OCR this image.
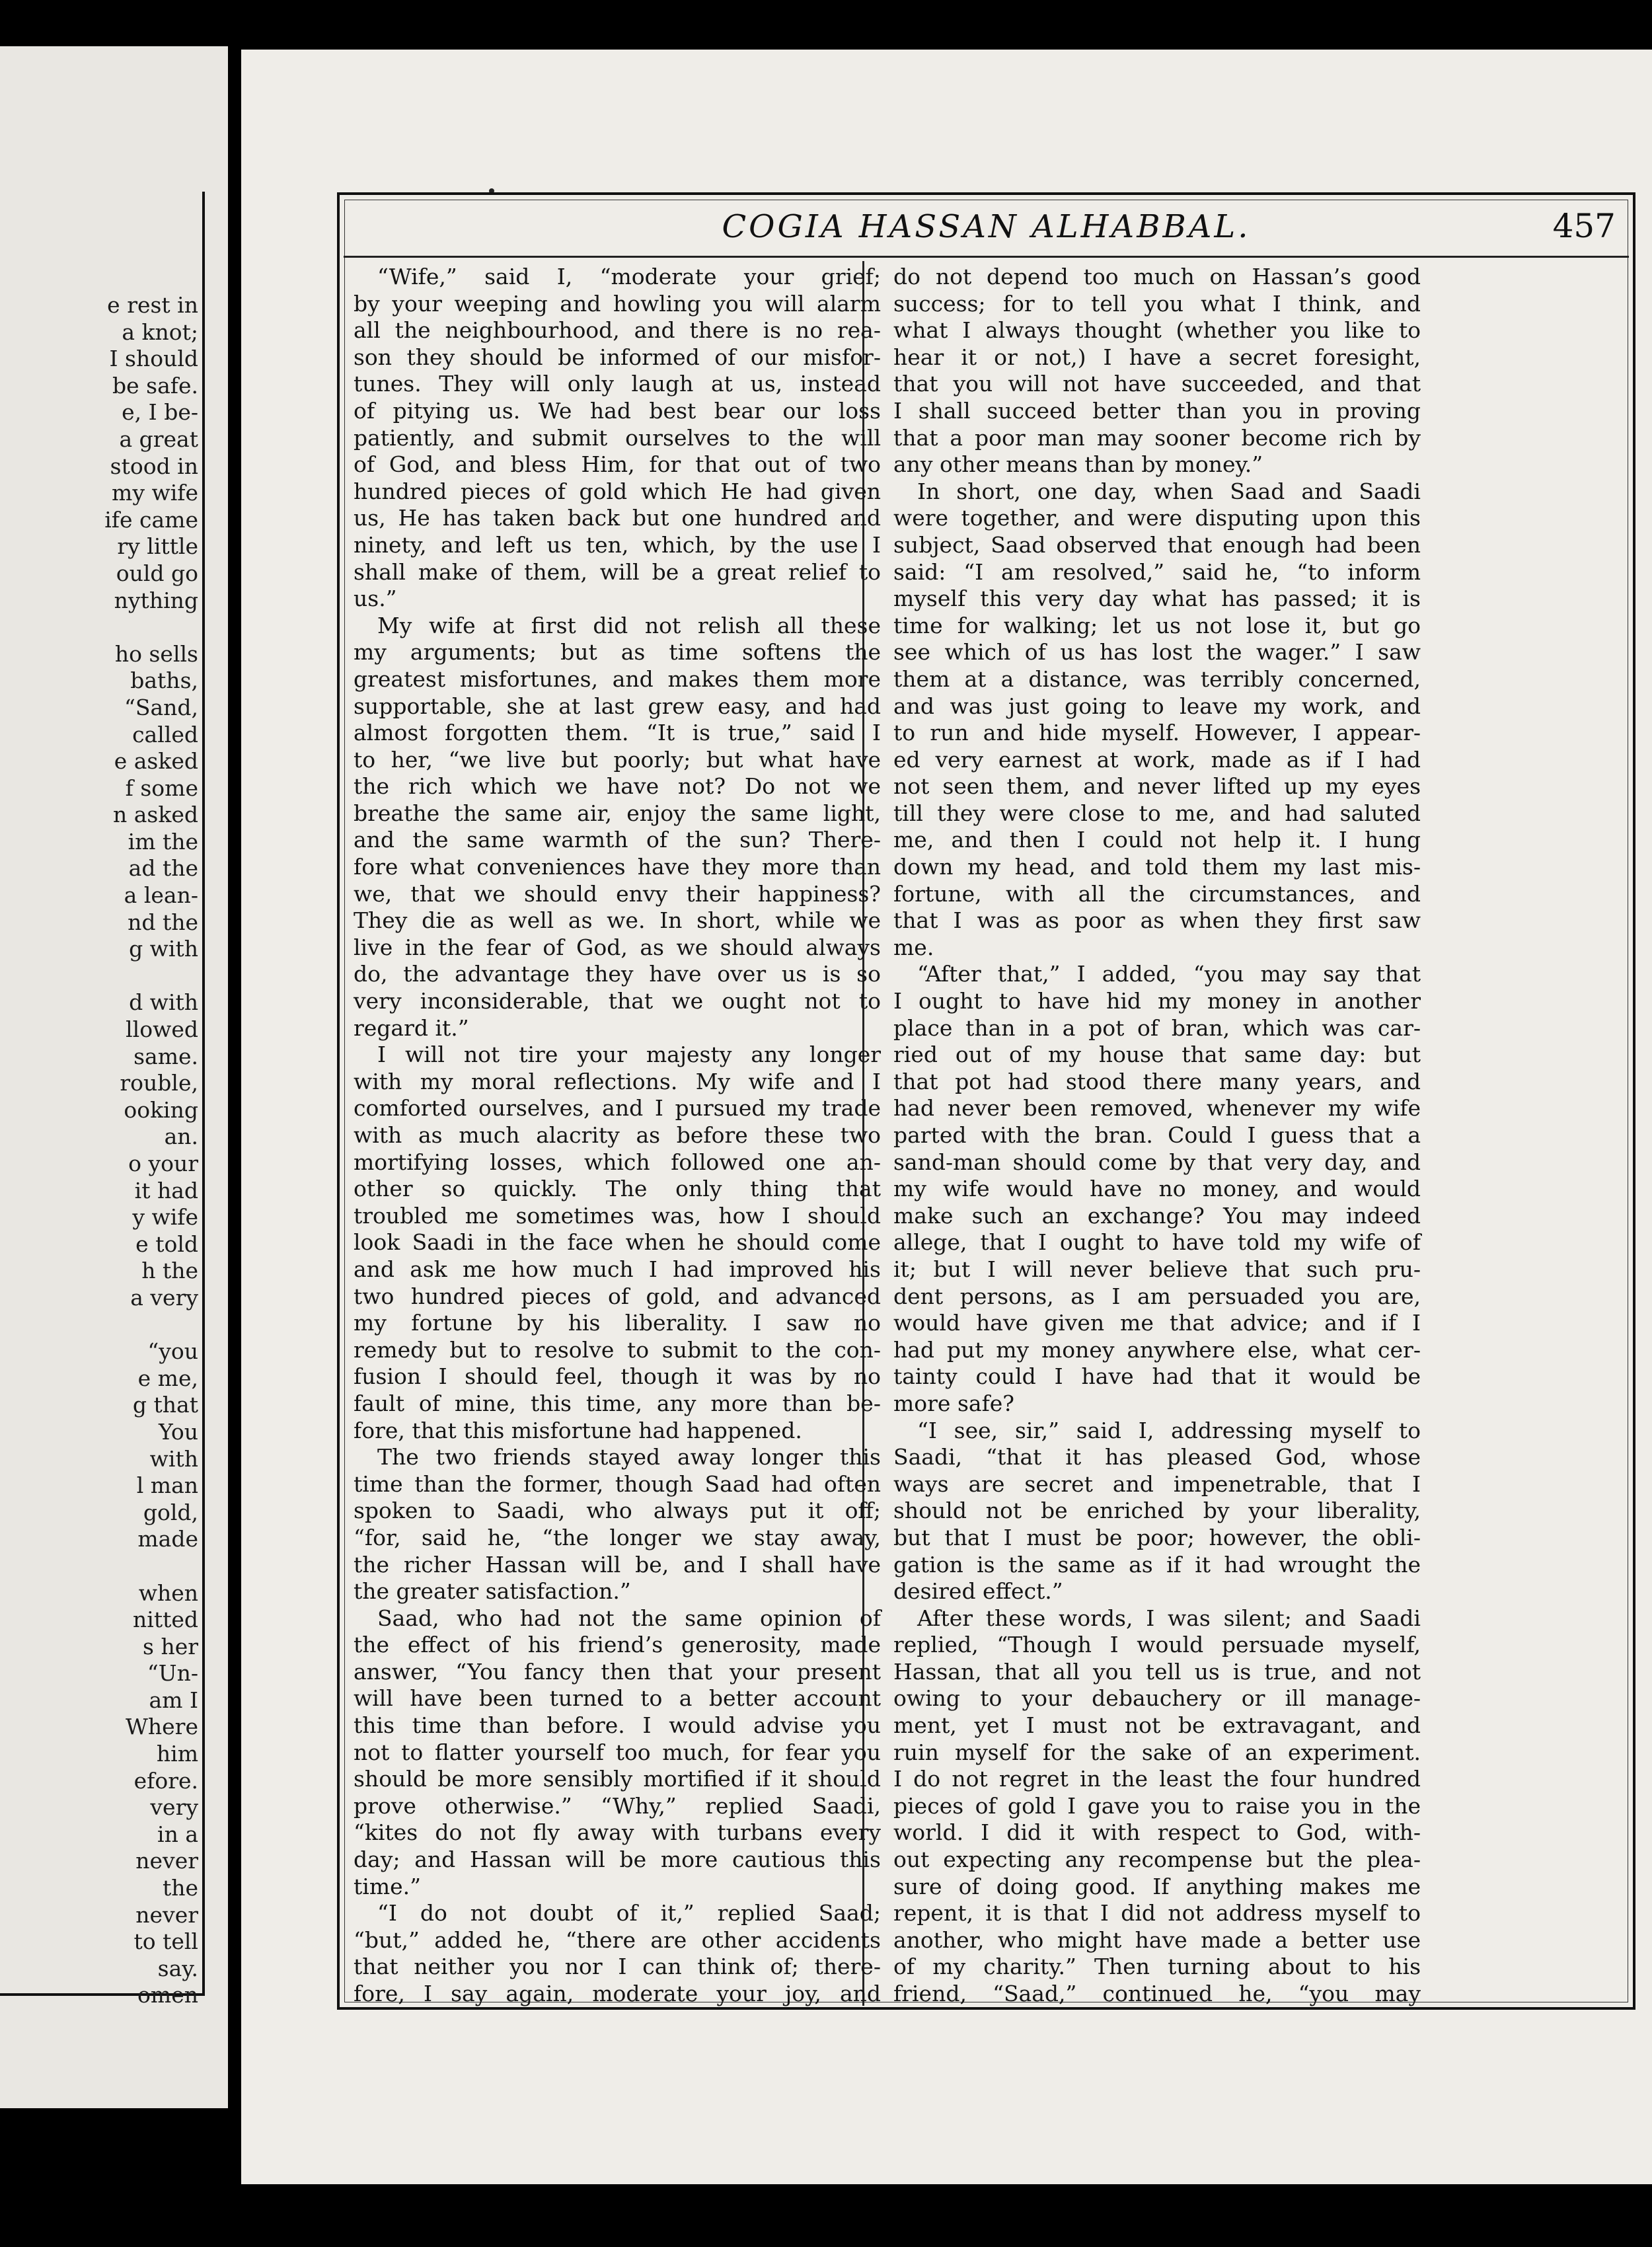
e rest in
a knot;
I should
be safe.
e, I be-
a great
stood in
my wife
ife came
ry little
ould go
nything
ho sells
baths,
“Sand,
called
e asked
f some
n asked
im the
ad the
a lean-
nd the
g with
d with
llowed
same.
rouble,
ooking
an.
o your
it had
y wife
e told
h the
a very
“you
e me,
g that
You
with
l man
gold,
made
when
nitted
s her
“Un-
am I
Where
him
efore.
very
in a
never
the
never
to tell
say.
omen
COGIA HASSAN ALHABBAL.	457
“Wife,” said I, “moderate your grief;
by your weeping and howling you will alarm
all the neighbourhood, and there is no rea-
son they should be informed of our misfor-
tunes. They will only laugh at us, instead
of pitying us. We had best bear our loss
patiently, and submit ourselves to the will
of God, and bless Him, for that out of two
hundred pieces of gold which He had given
us, He has taken back but one hundred and
ninety, and left us ten, which, by the use I
shall make of them, will be a great relief to
us.”
My wife at first did not relish all these
my arguments; but as time softens the
greatest misfortunes, and makes them more
supportable, she at last grew easy, and had
almost forgotten them. “It is true,” said I
to her, “we live but poorly; but what have
the rich which we have not? Do not we
breathe the same air, enjoy the same light,
and the same warmth of the sun? There-
fore what conveniences have they more than
we, that we should envy their happiness?
They die as well as we. In short, while we
live in the fear of God, as we should always
do, the advantage they have over us is so
very inconsiderable, that we ought not to
regard it.”
I will not tire your majesty any longer
with my moral reflections. My wife and I
comforted ourselves, and I pursued my trade
with as much alacrity as before these two
mortifying losses, which followed one an-
other so quickly. The only thing that
troubled me sometimes was, how I should
look Saadi in the face when he should come
and ask me how much I had improved his
two hundred pieces of gold, and advanced
my fortune by his liberality. I saw no
remedy but to resolve to submit to the con-
fusion I should feel, though it was by no
fault of mine, this time, any more than be-
fore, that this misfortune had happened.
The two friends stayed away longer this
time than the former, though Saad had often
spoken to Saadi, who always put it off;
“for, said he, “the longer we stay away,
the richer Hassan will be, and I shall have
the greater satisfaction.”
Saad, who had not the same opinion of
the effect of his friend’s generosity, made
answer, “You fancy then that your present
will have been turned to a better account
this time than before. I would advise you
not to flatter yourself too much, for fear you
should be more sensibly mortified if it should
prove otherwise.” “Why,” replied Saadi,
“kites do not fly away with turbans every
day; and Hassan will be more cautious this
time.”
“I do not doubt of it,” replied Saad;
“but,” added he, “there are other accidents
that neither you nor I can think of; there-
fore, I say again, moderate your joy, and
do not depend too much on Hassan’s good
success; for to tell you what I think, and
what I always thought (whether you like to
hear it or not,) I have a secret foresight,
that you will not have succeeded, and that
I shall succeed better than you in proving
that a poor man may sooner become rich by
any other means than by money.”
In short, one day, when Saad and Saadi
were together, and were disputing upon this
subject, Saad observed that enough had been
said: “I am resolved,” said he, “to inform
myself this very day what has passed; it is
time for walking; let us not lose it, but go
see which of us has lost the wager.” I saw
them at a distance, was terribly concerned,
and was just going to leave my work, and
to run and hide myself. However, I appear-
ed very earnest at work, made as if I had
not seen them, and never lifted up my eyes
till they were close to me, and had saluted
me, and then I could not help it. I hung
down my head, and told them my last mis-
fortune, with all the circumstances, and
that I was as poor as when they first saw
me.
“After that,” I added, “you may say that
I ought to have hid my money in another
place than in a pot of bran, which was car-
ried out of my house that same day: but
that pot had stood there many years, and
had never been removed, whenever my wife
parted with the bran. Could I guess that a
sand-man should come by that very day, and
my wife would have no money, and would
make such an exchange? You may indeed
allege, that I ought to have told my wife of
it; but I will never believe that such pru-
dent persons, as I am persuaded you are,
would have given me that advice; and if I
had put my money anywhere else, what cer-
tainty could I have had that it would be
more safe?
“I see, sir,” said I, addressing myself to
Saadi, “that it has pleased God, whose
ways are secret and impenetrable, that I
should not be enriched by your liberality,
but that I must be poor; however, the obli-
gation is the same as if it had wrought the
desired effect.”
After these words, I was silent; and Saadi
replied, “Though I would persuade myself,
Hassan, that all you tell us is true, and not
owing to your debauchery or ill manage-
ment, yet I must not be extravagant, and
ruin myself for the sake of an experiment.
I do not regret in the least the four hundred
pieces of gold I gave you to raise you in the
world. I did it with respect to God, with-
out expecting any recompense but the plea-
sure of doing good. If anything makes me
repent, it is that I did not address myself to
another, who might have made a better use
of my charity.” Then turning about to his
friend, “Saad,” continued he, “you may
